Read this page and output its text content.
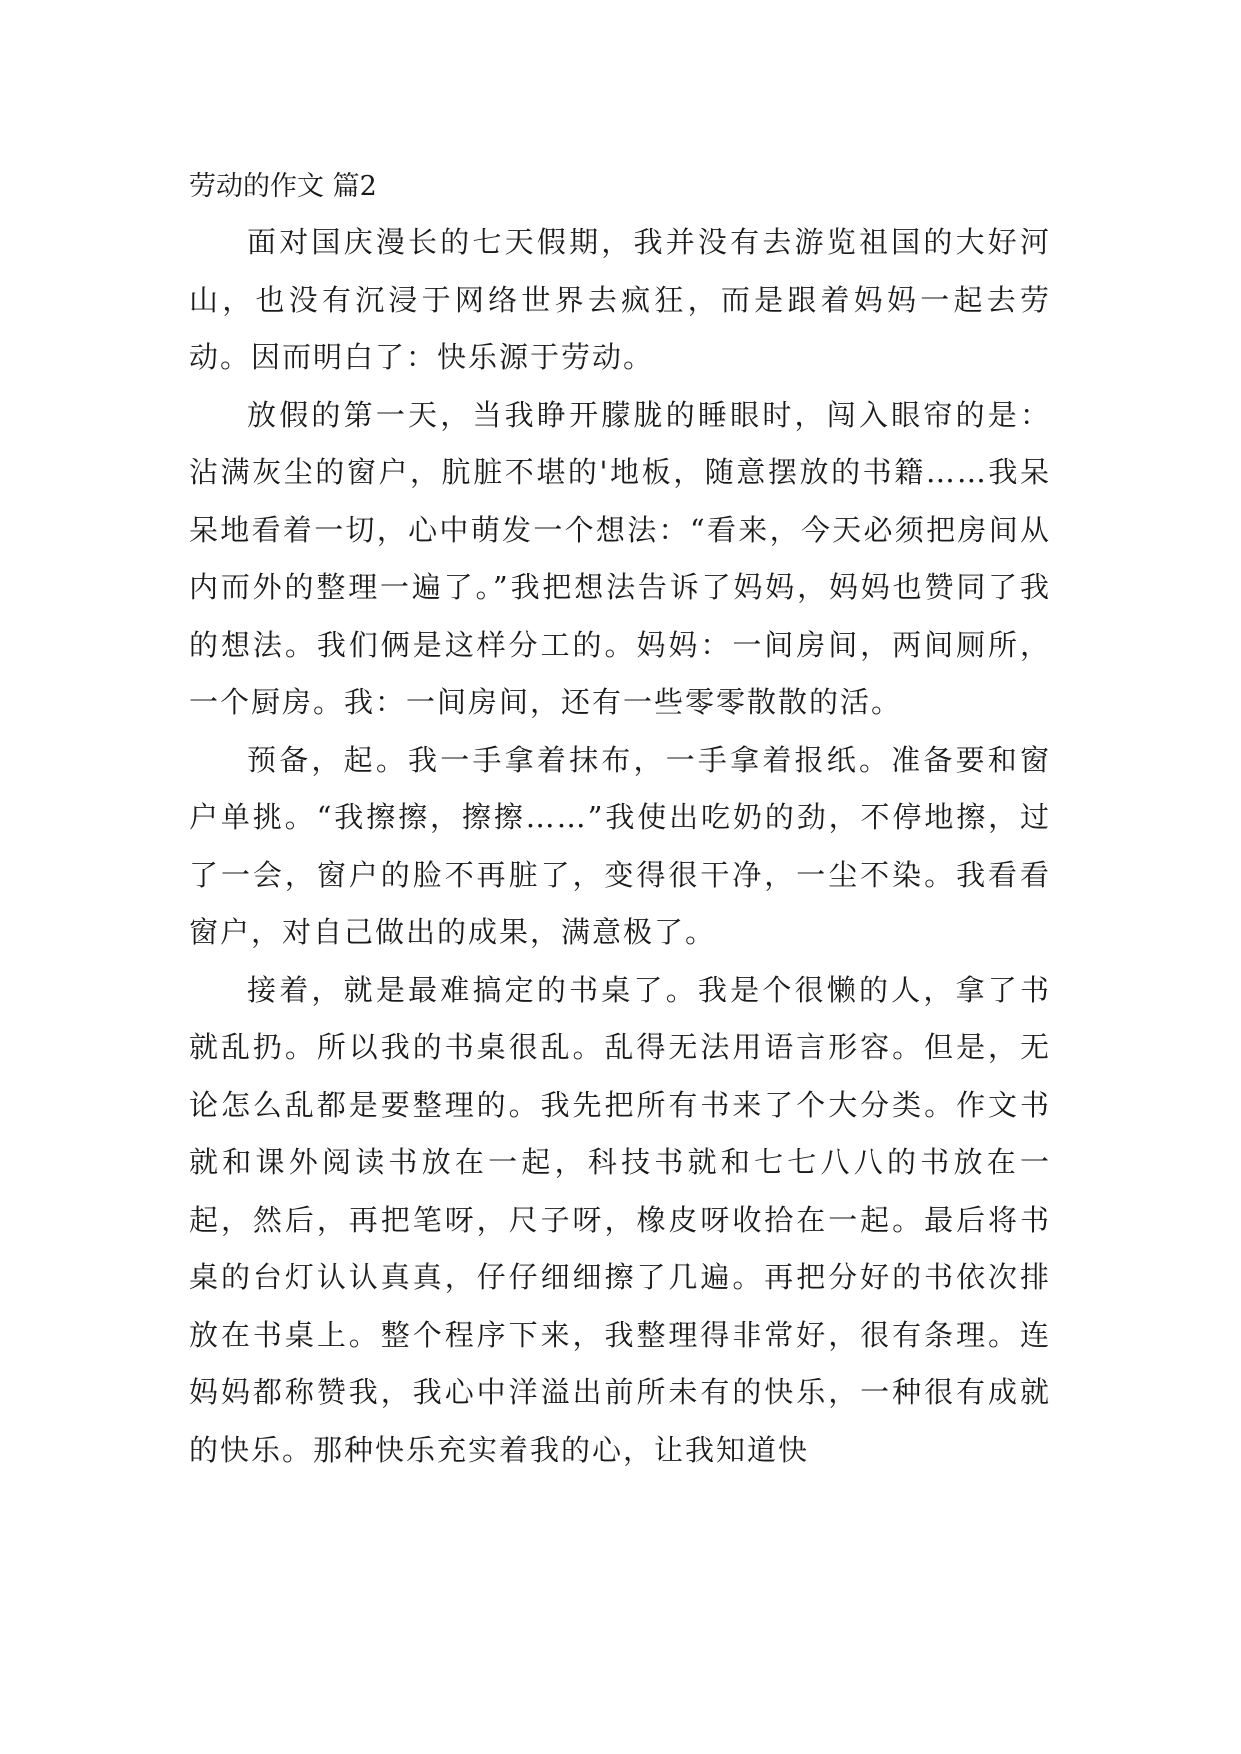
劳动的作文 篇2

面对国庆漫长的七天假期，我并没有去游览祖国的大好河山，也没有沉浸于网络世界去疯狂，而是跟着妈妈一起去劳动。因而明白了：快乐源于劳动。

放假的第一天，当我睁开朦胧的睡眼时，闯入眼帘的是：沾满灰尘的窗户，肮脏不堪的'地板，随意摆放的书籍……我呆呆地看着一切，心中萌发一个想法：“看来，今天必须把房间从内而外的整理一遍了。”我把想法告诉了妈妈，妈妈也赞同了我的想法。我们俩是这样分工的。妈妈：一间房间，两间厕所，一个厨房。我：一间房间，还有一些零零散散的活。

预备，起。我一手拿着抹布，一手拿着报纸。准备要和窗户单挑。“我擦擦，擦擦……”我使出吃奶的劲，不停地擦，过了一会，窗户的脸不再脏了，变得很干净，一尘不染。我看看窗户，对自己做出的成果，满意极了。

接着，就是最难搞定的书桌了。我是个很懒的人，拿了书就乱扔。所以我的书桌很乱。乱得无法用语言形容。但是，无论怎么乱都是要整理的。我先把所有书来了个大分类。作文书就和课外阅读书放在一起，科技书就和七七八八的书放在一起，然后，再把笔呀，尺子呀，橡皮呀收拾在一起。最后将书桌的台灯认认真真，仔仔细细擦了几遍。再把分好的书依次排放在书桌上。整个程序下来，我整理得非常好，很有条理。连妈妈都称赞我，我心中洋溢出前所未有的快乐，一种很有成就的快乐。那种快乐充实着我的心，让我知道快
